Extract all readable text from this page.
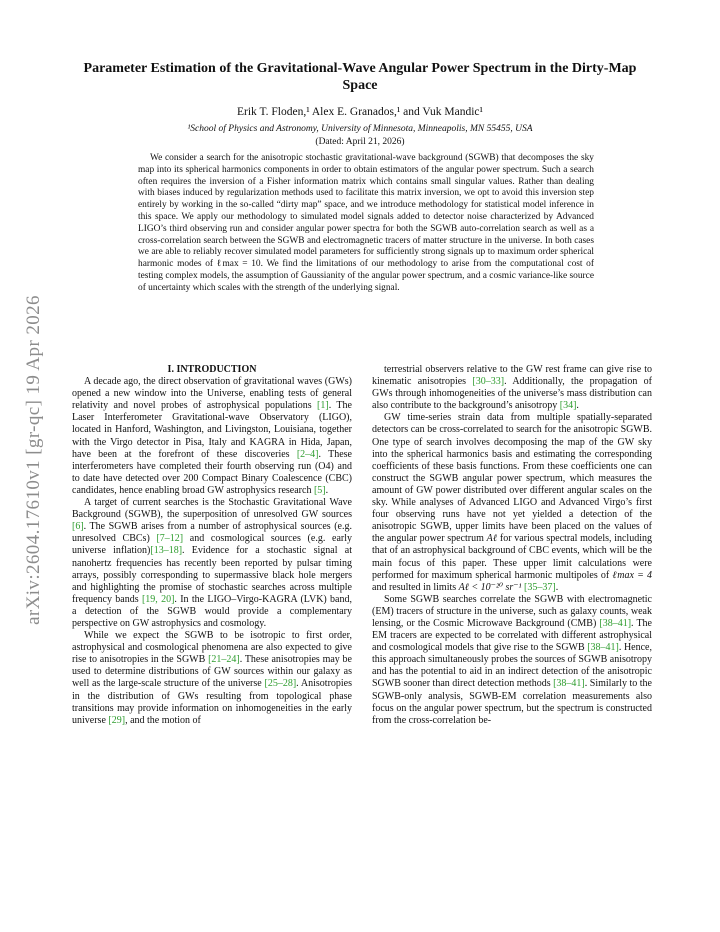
arXiv:2604.17610v1 [gr-qc] 19 Apr 2026
Parameter Estimation of the Gravitational-Wave Angular Power Spectrum in the Dirty-Map Space

Erik T. Floden,¹ Alex E. Granados,¹ and Vuk Mandic¹

¹School of Physics and Astronomy, University of Minnesota, Minneapolis, MN 55455, USA

(Dated: April 21, 2026)

We consider a search for the anisotropic stochastic gravitational-wave background (SGWB) that decomposes the sky map into its spherical harmonics components in order to obtain estimators of the angular power spectrum. Such a search often requires the inversion of a Fisher information matrix which contains small singular values. Rather than dealing with biases induced by regularization methods used to facilitate this matrix inversion, we opt to avoid this inversion step entirely by working in the so-called “dirty map” space, and we introduce methodology for statistical model inference in this space. We apply our methodology to simulated model signals added to detector noise characterized by Advanced LIGO’s third observing run and consider angular power spectra for both the SGWB auto-correlation search as well as a cross-correlation search between the SGWB and electromagnetic tracers of matter structure in the universe. In both cases we are able to reliably recover simulated model parameters for sufficiently strong signals up to maximum order spherical harmonic modes of ℓmax = 10. We find the limitations of our methodology to arise from the computational cost of testing complex models, the assumption of Gaussianity of the angular power spectrum, and a cosmic variance-like source of uncertainty which scales with the strength of the underlying signal.

I. INTRODUCTION

A decade ago, the direct observation of gravitational waves (GWs) opened a new window into the Universe, enabling tests of general relativity and novel probes of astrophysical populations [1]. The Laser Interferometer Gravitational-wave Observatory (LIGO), located in Hanford, Washington, and Livingston, Louisiana, together with the Virgo detector in Pisa, Italy and KAGRA in Hida, Japan, have been at the forefront of these discoveries [2–4]. These interferometers have completed their fourth observing run (O4) and to date have detected over 200 Compact Binary Coalescence (CBC) candidates, hence enabling broad GW astrophysics research [5].

A target of current searches is the Stochastic Gravitational Wave Background (SGWB), the superposition of unresolved GW sources [6]. The SGWB arises from a number of astrophysical sources (e.g. unresolved CBCs) [7–12] and cosmological sources (e.g. early universe inflation)[13–18]. Evidence for a stochastic signal at nanohertz frequencies has recently been reported by pulsar timing arrays, possibly corresponding to supermassive black hole mergers and highlighting the promise of stochastic searches across multiple frequency bands [19, 20]. In the LIGO–Virgo-KAGRA (LVK) band, a detection of the SGWB would provide a complementary perspective on GW astrophysics and cosmology.

While we expect the SGWB to be isotropic to first order, astrophysical and cosmological phenomena are also expected to give rise to anisotropies in the SGWB [21–24]. These anisotropies may be used to determine distributions of GW sources within our galaxy as well as the large-scale structure of the universe [25–28]. Anisotropies in the distribution of GWs resulting from topological phase transitions may provide information on inhomogeneities in the early universe [29], and the motion of

terrestrial observers relative to the GW rest frame can give rise to kinematic anisotropies [30–33]. Additionally, the propagation of GWs through inhomogeneities of the universe’s mass distribution can also contribute to the background’s anisotropy [34].

GW time-series strain data from multiple spatially-separated detectors can be cross-correlated to search for the anisotropic SGWB. One type of search involves decomposing the map of the GW sky into the spherical harmonics basis and estimating the corresponding coefficients of these basis functions. From these coefficients one can construct the SGWB angular power spectrum, which measures the amount of GW power distributed over different angular scales on the sky. While analyses of Advanced LIGO and Advanced Virgo’s first four observing runs have not yet yielded a detection of the anisotropic SGWB, upper limits have been placed on the values of the angular power spectrum Aℓ for various spectral models, including that of an astrophysical background of CBC events, which will be the main focus of this paper. These upper limit calculations were performed for maximum spherical harmonic multipoles of ℓmax = 4 and resulted in limits Aℓ < 10⁻²⁰ sr⁻¹ [35–37].

Some SGWB searches correlate the SGWB with electromagnetic (EM) tracers of structure in the universe, such as galaxy counts, weak lensing, or the Cosmic Microwave Background (CMB) [38–41]. The EM tracers are expected to be correlated with different astrophysical and cosmological models that give rise to the SGWB [38–41]. Hence, this approach simultaneously probes the sources of SGWB anisotropy and has the potential to aid in an indirect detection of the anisotropic SGWB sooner than direct detection methods [38–41]. Similarly to the SGWB-only analysis, SGWB-EM correlation measurements also focus on the angular power spectrum, but the spectrum is constructed from the cross-correlation be-
